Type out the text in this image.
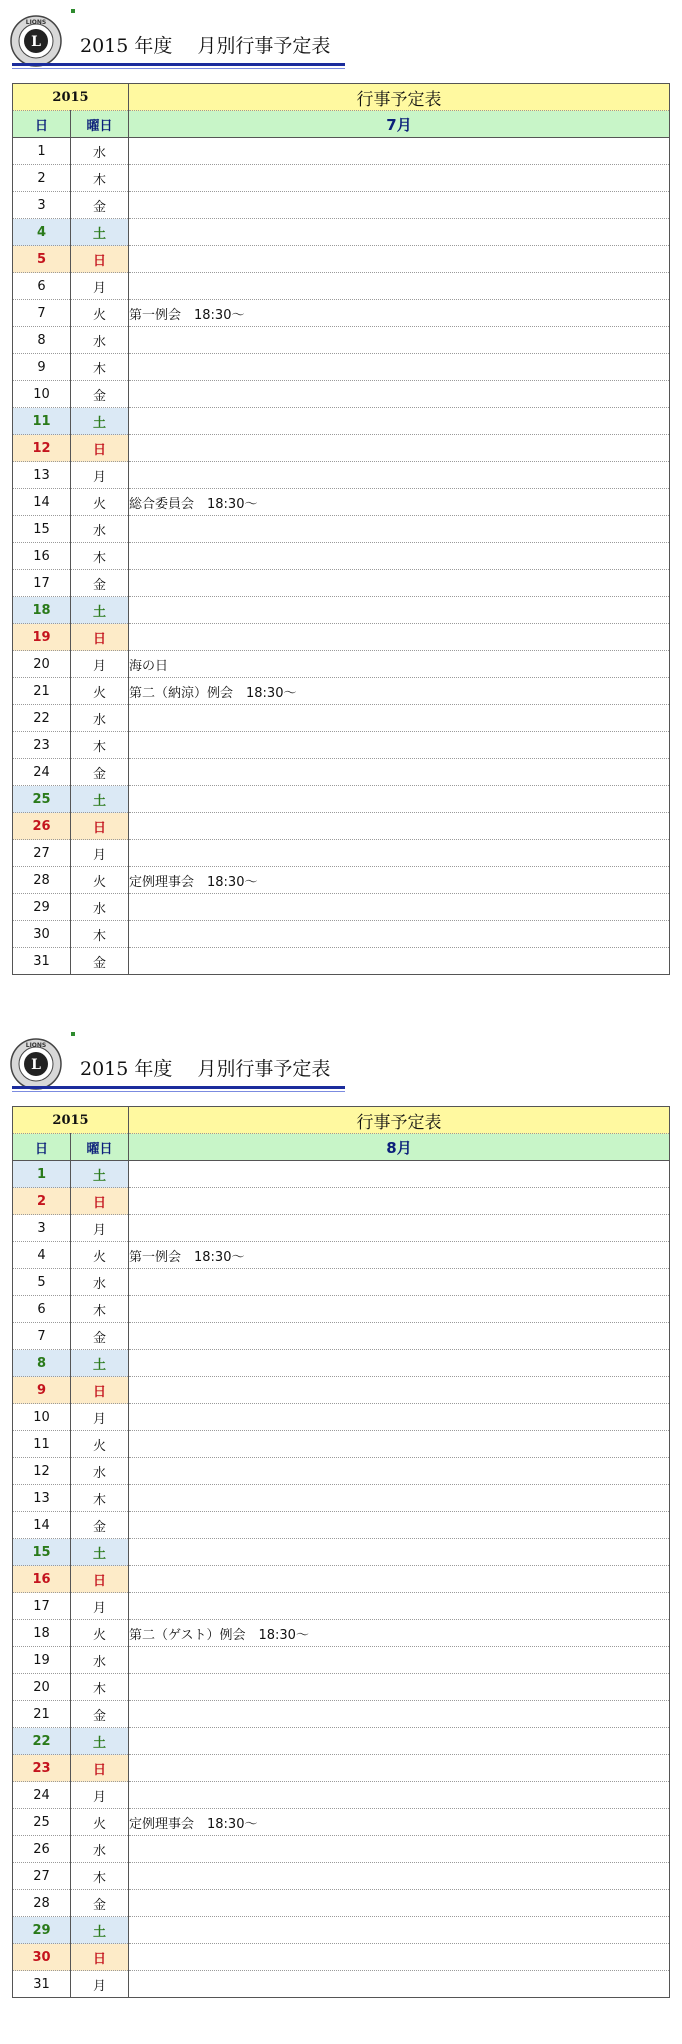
L
LIONS
2015 年度　 月別行事予定表
2015		行事予定表
日	曜日	7月
1	水	
2	木	
3	金	
4	土	
5	日	
6	月	
7	火	第一例会　18:30～
8	水	
9	木	
10	金	
11	土	
12	日	
13	月	
14	火	総合委員会　18:30～
15	水	
16	木	
17	金	
18	土	
19	日	
20	月	海の日
21	火	第二（納涼）例会　18:30～
22	水	
23	木	
24	金	
25	土	
26	日	
27	月	
28	火	定例理事会　18:30～
29	水	
30	木	
31	金	
L
LIONS
2015 年度　 月別行事予定表
2015		行事予定表
日	曜日	8月
1	土	
2	日	
3	月	
4	火	第一例会　18:30～
5	水	
6	木	
7	金	
8	土	
9	日	
10	月	
11	火	
12	水	
13	木	
14	金	
15	土	
16	日	
17	月	
18	火	第二（ゲスト）例会　18:30～
19	水	
20	木	
21	金	
22	土	
23	日	
24	月	
25	火	定例理事会　18:30～
26	水	
27	木	
28	金	
29	土	
30	日	
31	月	
